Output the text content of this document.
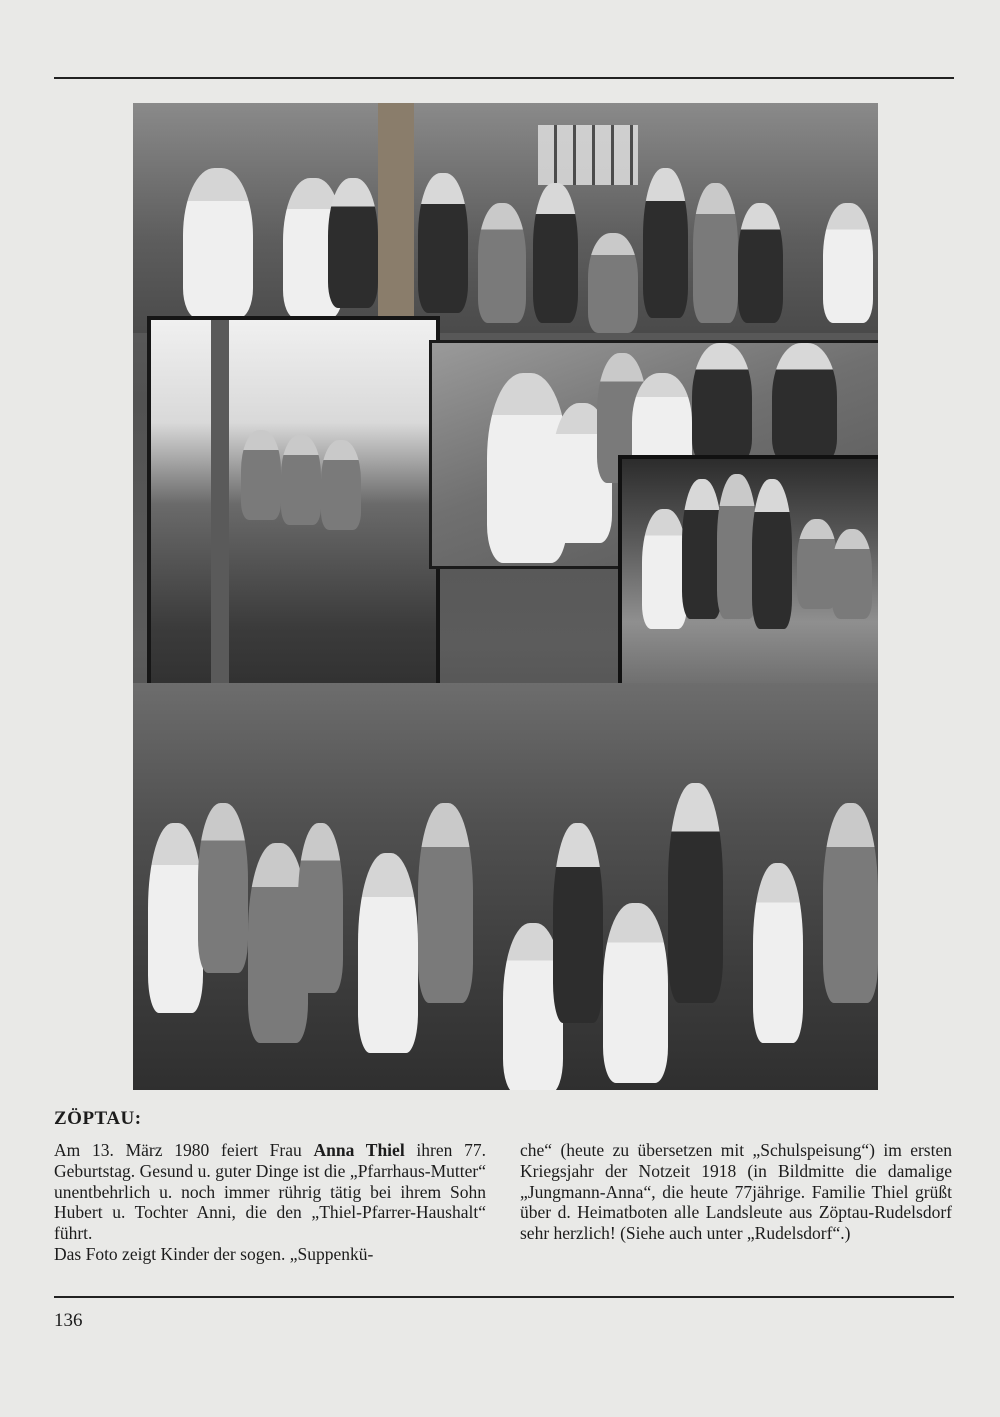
ZÖPTAU:

Am 13. März 1980 feiert Frau Anna Thiel ihren 77. Geburtstag. Gesund u. guter Dinge ist die „Pfarrhaus-Mutter“ unentbehrlich u. noch immer rührig tätig bei ihrem Sohn Hubert u. Tochter Anni, die den „Thiel-Pfarrer-Haushalt“ führt.

Das Foto zeigt Kinder der sogen. „Suppenkü-

che“ (heute zu übersetzen mit „Schulspeisung“) im ersten Kriegsjahr der Notzeit 1918 (in Bildmitte die damalige „Jungmann-Anna“, die heute 77jährige. Familie Thiel grüßt über d. Heimatboten alle Landsleute aus Zöptau-Rudelsdorf sehr herzlich! (Siehe auch unter „Rudelsdorf“.)

136
